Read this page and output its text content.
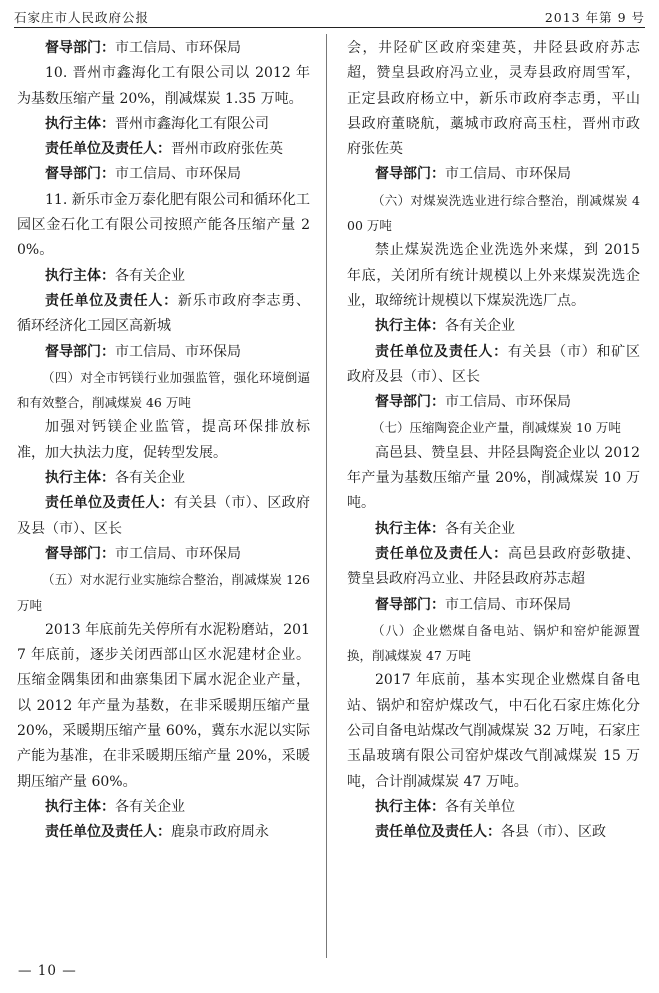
石家庄市人民政府公报	2013 年第 9 号

督导部门：市工信局、市环保局

10. 晋州市鑫海化工有限公司以 2012 年为基数压缩产量 20%，削减煤炭 1.35 万吨。

执行主体：晋州市鑫海化工有限公司

责任单位及责任人：晋州市政府张佐英

督导部门：市工信局、市环保局

11. 新乐市金万泰化肥有限公司和循环化工园区金石化工有限公司按照产能各压缩产量 20%。

执行主体：各有关企业

责任单位及责任人：新乐市政府李志勇、循环经济化工园区高新城

督导部门：市工信局、市环保局

（四）对全市钙镁行业加强监管，强化环境倒逼和有效整合，削减煤炭 46 万吨

加强对钙镁企业监管，提高环保排放标准，加大执法力度，促转型发展。

执行主体：各有关企业

责任单位及责任人：有关县（市）、区政府及县（市）、区长

督导部门：市工信局、市环保局

（五）对水泥行业实施综合整治，削减煤炭 126 万吨

2013 年底前先关停所有水泥粉磨站，2017 年底前，逐步关闭西部山区水泥建材企业。压缩金隅集团和曲寨集团下属水泥企业产量，以 2012 年产量为基数，在非采暖期压缩产量 20%，采暖期压缩产量 60%，冀东水泥以实际产能为基准，在非采暖期压缩产量 20%，采暖期压缩产量 60%。

执行主体：各有关企业

责任单位及责任人：鹿泉市政府周永

会，井陉矿区政府栾建英，井陉县政府苏志超，赞皇县政府冯立业，灵寿县政府周雪军，正定县政府杨立中，新乐市政府李志勇，平山县政府董晓航，藁城市政府高玉柱，晋州市政府张佐英

督导部门：市工信局、市环保局

（六）对煤炭洗选业进行综合整治，削减煤炭 400 万吨

禁止煤炭洗选企业洗选外来煤，到 2015 年底，关闭所有统计规模以上外来煤炭洗选企业，取缔统计规模以下煤炭洗选厂点。

执行主体：各有关企业

责任单位及责任人：有关县（市）和矿区政府及县（市）、区长

督导部门：市工信局、市环保局

（七）压缩陶瓷企业产量，削减煤炭 10 万吨

高邑县、赞皇县、井陉县陶瓷企业以 2012 年产量为基数压缩产量 20%，削减煤炭 10 万吨。

执行主体：各有关企业

责任单位及责任人：高邑县政府彭敬捷、赞皇县政府冯立业、井陉县政府苏志超

督导部门：市工信局、市环保局

（八）企业燃煤自备电站、锅炉和窑炉能源置换，削减煤炭 47 万吨

2017 年底前，基本实现企业燃煤自备电站、锅炉和窑炉煤改气，中石化石家庄炼化分公司自备电站煤改气削减煤炭 32 万吨，石家庄玉晶玻璃有限公司窑炉煤改气削减煤炭 15 万吨，合计削减煤炭 47 万吨。

执行主体：各有关单位

责任单位及责任人：各县（市）、区政

— 10 —
